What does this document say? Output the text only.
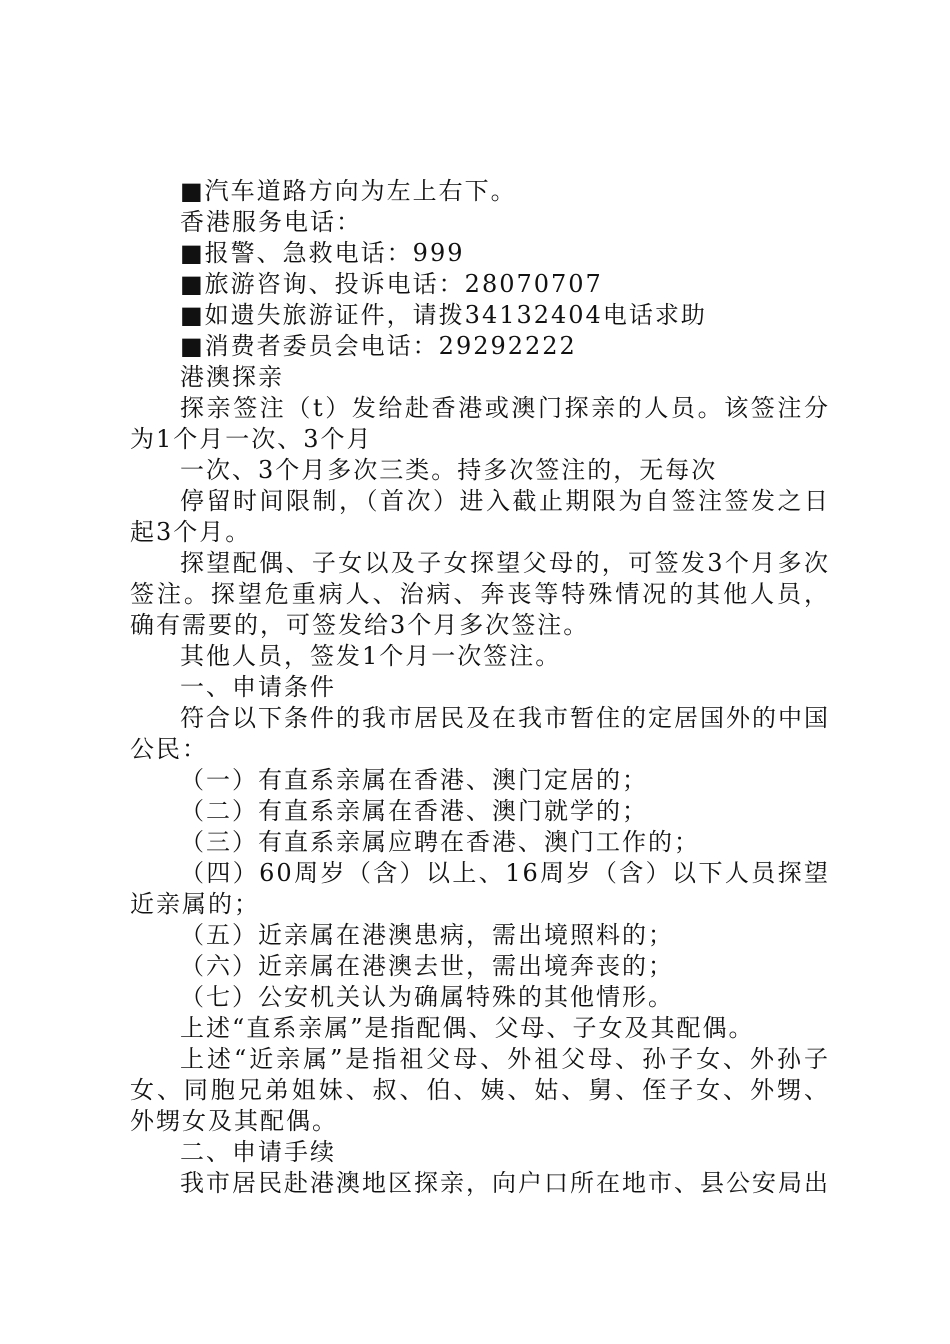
■汽车道路方向为左上右下。

香港服务电话：

■报警、急救电话：999

■旅游咨询、投诉电话：28070707

■如遗失旅游证件，请拨34132404电话求助

■消费者委员会电话：29292222

港澳探亲

探亲签注（t）发给赴香港或澳门探亲的人员。该签注分为1个月一次、3个月

一次、3个月多次三类。持多次签注的，无每次

停留时间限制，（首次）进入截止期限为自签注签发之日起3个月。

探望配偶、子女以及子女探望父母的，可签发3个月多次签注。探望危重病人、治病、奔丧等特殊情况的其他人员，确有需要的，可签发给3个月多次签注。

其他人员，签发1个月一次签注。

一、申请条件

符合以下条件的我市居民及在我市暂住的定居国外的中国公民：

（一）有直系亲属在香港、澳门定居的；

（二）有直系亲属在香港、澳门就学的；

（三）有直系亲属应聘在香港、澳门工作的；

（四）60周岁（含）以上、16周岁（含）以下人员探望近亲属的；

（五）近亲属在港澳患病，需出境照料的；

（六）近亲属在港澳去世，需出境奔丧的；

（七）公安机关认为确属特殊的其他情形。

上述“直系亲属”是指配偶、父母、子女及其配偶。

上述“近亲属”是指祖父母、外祖父母、孙子女、外孙子女、同胞兄弟姐妹、叔、伯、姨、姑、舅、侄子女、外甥、外甥女及其配偶。

二、申请手续

我市居民赴港澳地区探亲，向户口所在地市、县公安局出
